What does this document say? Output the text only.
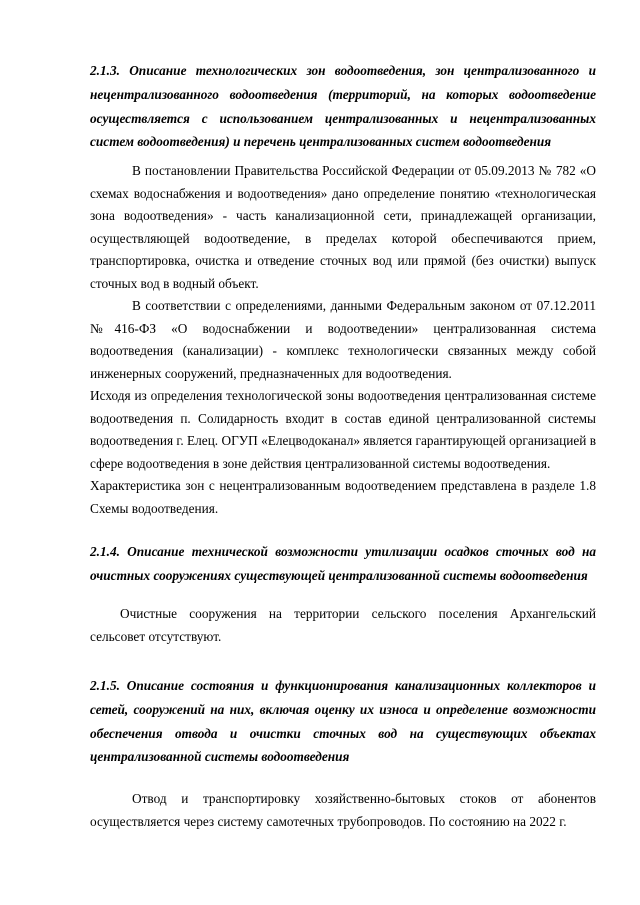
2.1.3. Описание технологических зон водоотведения, зон централизованного и нецентрализованного водоотведения (территорий, на которых водоотведение осуществляется с использованием централизованных и нецентрализованных систем водоотведения) и перечень централизованных систем водоотведения

В постановлении Правительства Российской Федерации от 05.09.2013 № 782 «О схемах водоснабжения и водоотведения» дано определение понятию «технологическая зона водоотведения» - часть канализационной сети, принадлежащей организации, осуществляющей водоотведение, в пределах которой обеспечиваются прием, транспортировка, очистка и отведение сточных вод или прямой (без очистки) выпуск сточных вод в водный объект.

В соответствии с определениями, данными Федеральным законом от 07.12.2011 №416-ФЗ «О водоснабжении и водоотведении» централизованная система водоотведения (канализации) - комплекс технологически связанных между собой инженерных сооружений, предназначенных для водоотведения.

Исходя из определения технологической зоны водоотведения централизованная системе водоотведения п. Солидарность входит в состав единой централизованной системы водоотведения г. Елец. ОГУП «Елецводоканал» является гарантирующей организацией в сфере водоотведения в зоне действия централизованной системы водоотведения.

Характеристика зон с нецентрализованным водоотведением представлена в разделе 1.8 Схемы водоотведения.

2.1.4. Описание технической возможности утилизации осадков сточных вод на очистных сооружениях существующей централизованной системы водоотведения

Очистные сооружения на территории сельского поселения Архангельский сельсовет отсутствуют.

2.1.5. Описание состояния и функционирования канализационных коллекторов и сетей, сооружений на них, включая оценку их износа и определение возможности обеспечения отвода и очистки сточных вод на существующих объектах централизованной системы водоотведения

Отвод и транспортировку хозяйственно-бытовых стоков от абонентов осуществляется через систему самотечных трубопроводов. По состоянию на 2022 г.
